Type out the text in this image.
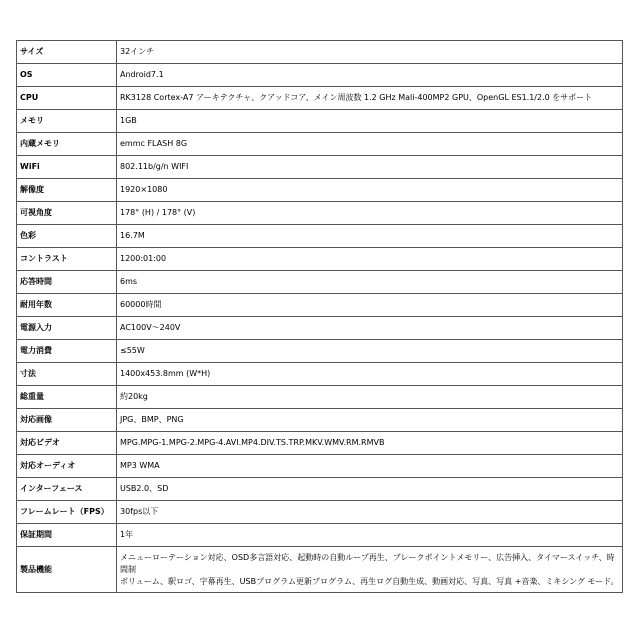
サイズ	32インチ
OS	Android7.1
CPU	RK3128 Cortex-A7 アーキテクチャ、クアッドコア、メイン周波数 1.2 GHz Mali-400MP2 GPU、OpenGL ES1.1/2.0 をサポート
メモリ	1GB
内蔵メモリ	emmc FLASH 8G
WiFi	802.11b/g/n WIFI
解像度	1920×1080
可視角度	178° (H) / 178° (V)
色彩	16.7M
コントラスト	1200:01:00
応答時間	6ms
耐用年数	60000時間
電源入力	AC100V～240V
電力消費	≤55W
寸法	1400x453.8mm (W*H)
総重量	約20kg
対応画像	JPG、BMP、PNG
対応ビデオ	MPG.MPG-1.MPG-2.MPG-4.AVI.MP4.DIV.TS.TRP.MKV.WMV.RM.RMVB
対応オーディオ	MP3 WMA
インターフェース	USB2.0、SD
フレームレート（FPS）	30fps以下
保証期間	1年
製品機能	メニューローテーション対応、OSD多言語対応、起動時の自動ループ再生、ブレークポイントメモリー、広告挿入、タイマースイッチ、時間制
ボリューム、駅ロゴ、字幕再生、USBプログラム更新プログラム、再生ログ自動生成、動画対応、写真、写真 +音楽、ミキシング モード。
